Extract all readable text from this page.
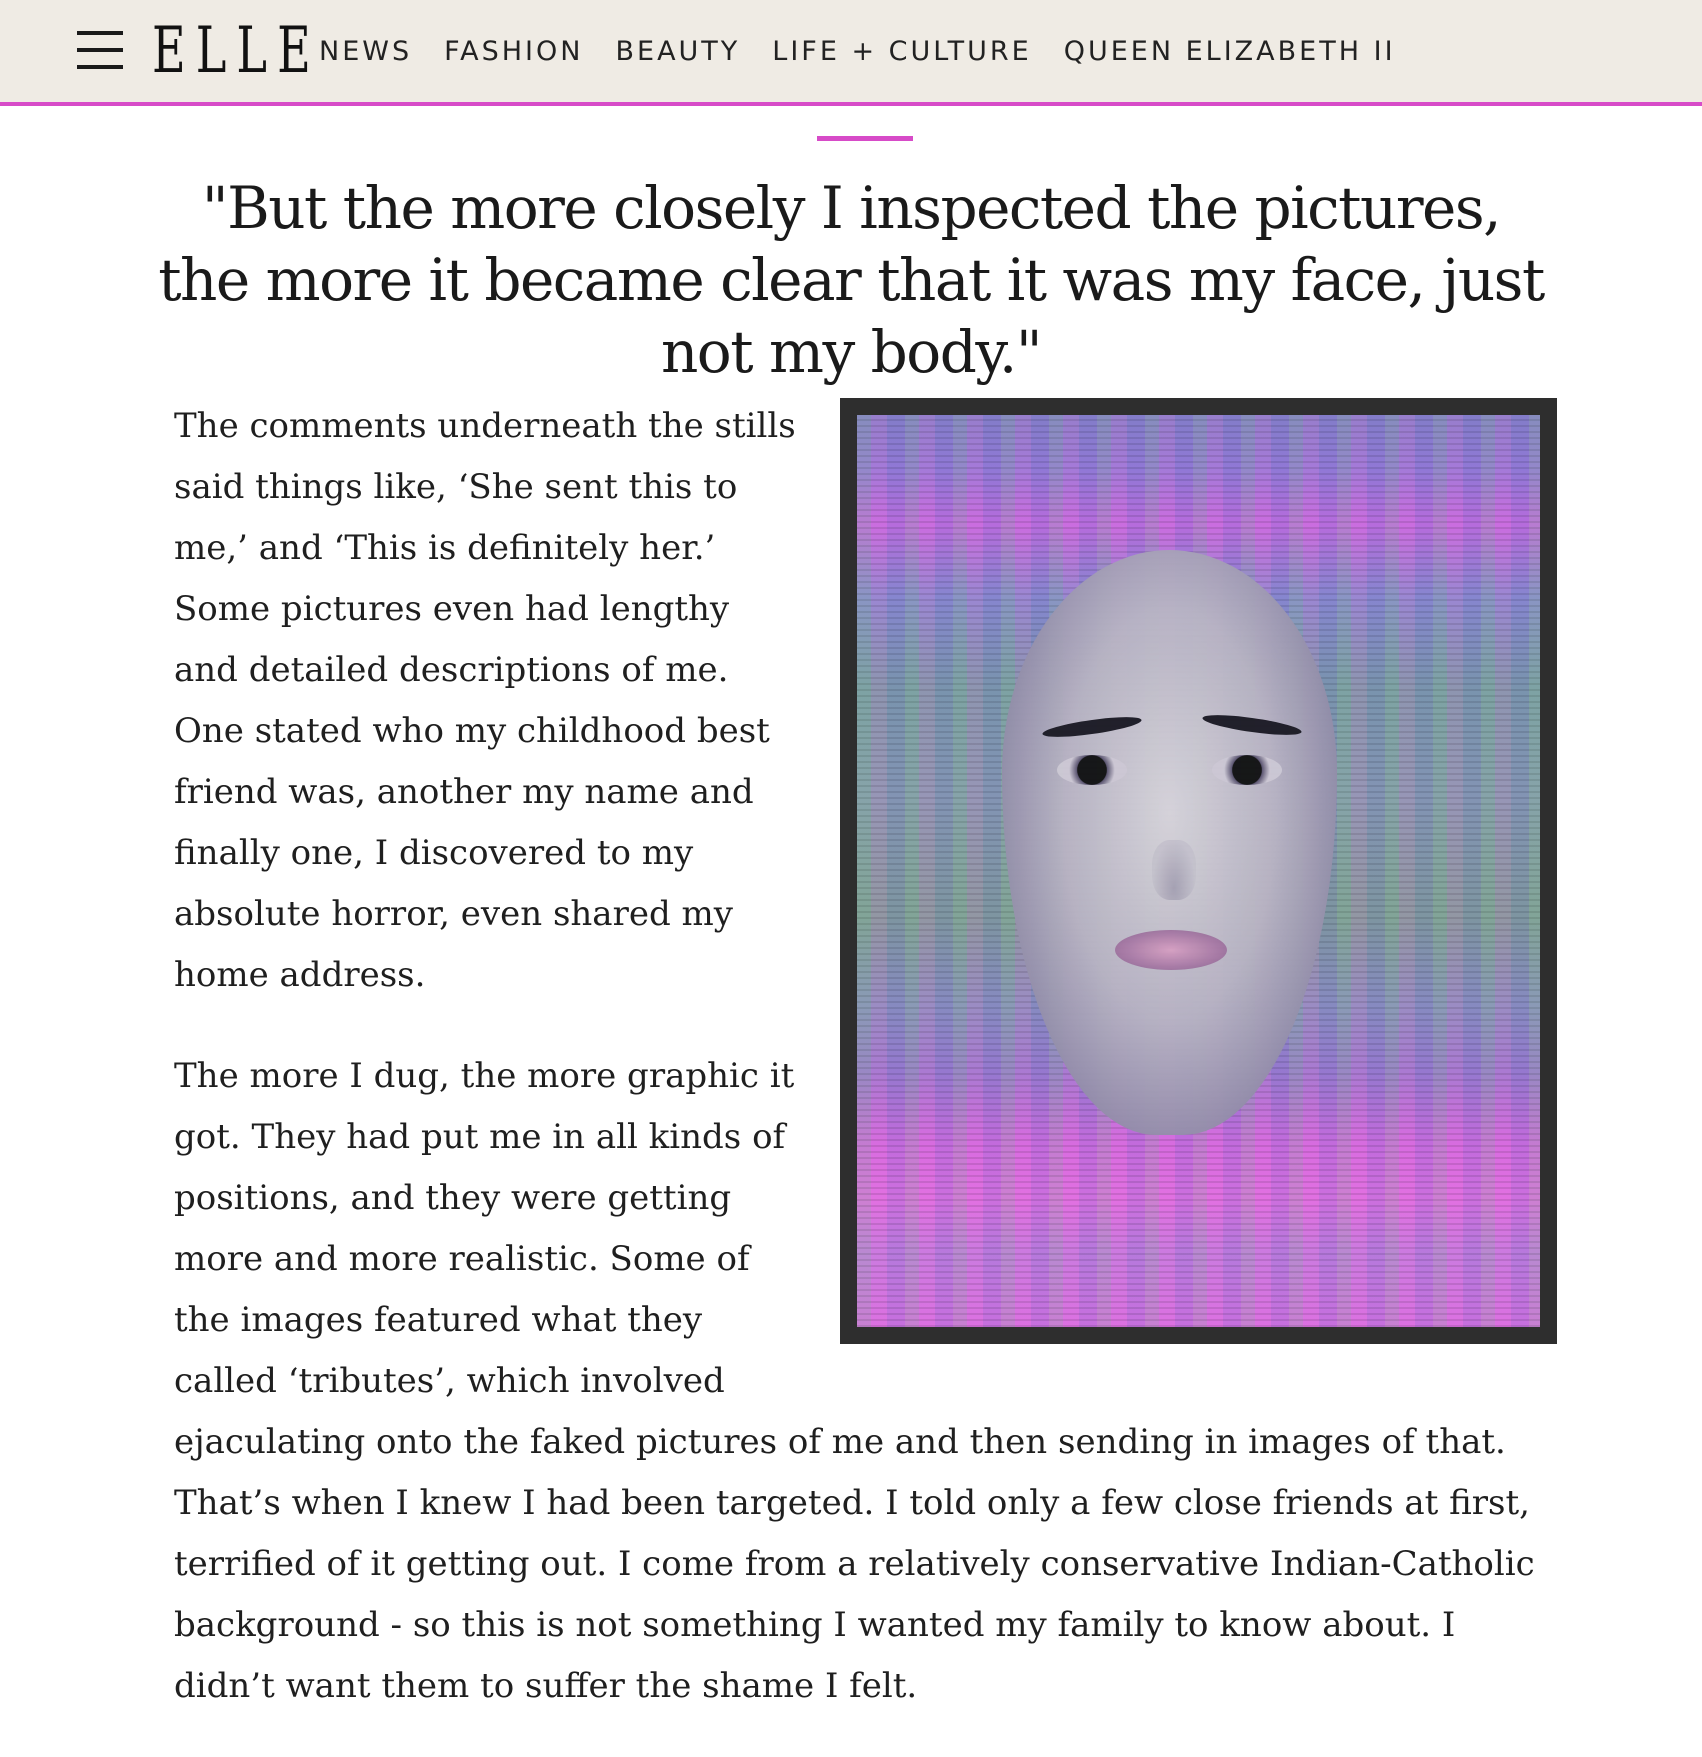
ELLE
NEWS FASHION BEAUTY LIFE + CULTURE QUEEN ELIZABETH II
"But the more closely I inspected the pictures, the more it became clear that it was my face, just not my body."

The comments underneath the stills said things like, ‘She sent this to me,’ and ‘This is definitely her.’ Some pictures even had lengthy and detailed descriptions of me. One stated who my childhood best friend was, another my name and finally one, I discovered to my absolute horror, even shared my home address.

The more I dug, the more graphic it got. They had put me in all kinds of positions, and they were getting more and more realistic. Some of the images featured what they called ‘tributes’, which involved ejaculating onto the faked pictures of me and then sending in images of that. That’s when I knew I had been targeted. I told only a few close friends at first, terrified of it getting out. I come from a relatively conservative Indian-Catholic background - so this is not something I wanted my family to know about. I didn’t want them to suffer the shame I felt.
